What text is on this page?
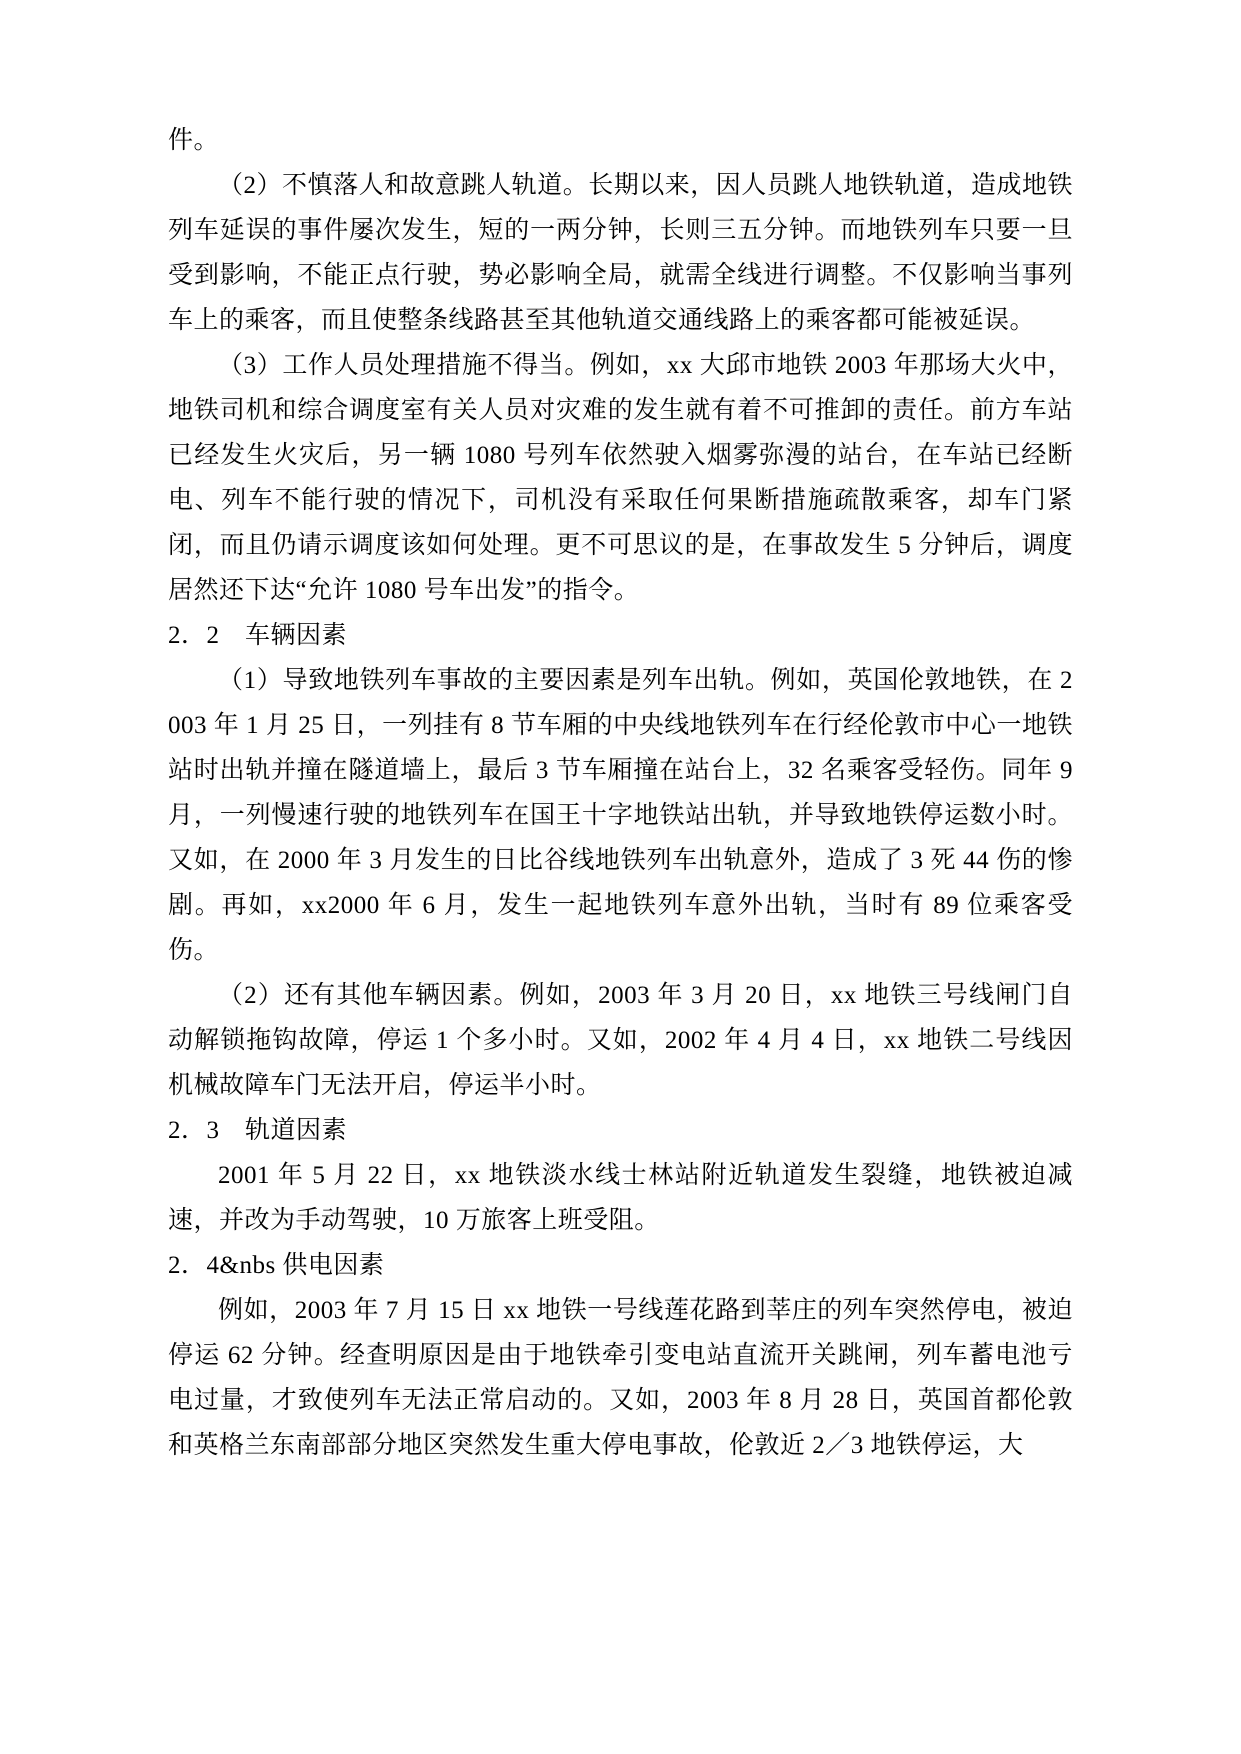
件。

（2）不慎落人和故意跳人轨道。长期以来，因人员跳人地铁轨道，造成地铁列车延误的事件屡次发生，短的一两分钟，长则三五分钟。而地铁列车只要一旦受到影响，不能正点行驶，势必影响全局，就需全线进行调整。不仅影响当事列车上的乘客，而且使整条线路甚至其他轨道交通线路上的乘客都可能被延误。

（3）工作人员处理措施不得当。例如，xx 大邱市地铁 2003 年那场大火中，地铁司机和综合调度室有关人员对灾难的发生就有着不可推卸的责任。前方车站已经发生火灾后，另一辆 1080 号列车依然驶入烟雾弥漫的站台，在车站已经断电、列车不能行驶的情况下，司机没有采取任何果断措施疏散乘客，却车门紧闭，而且仍请示调度该如何处理。更不可思议的是，在事故发生 5 分钟后，调度居然还下达“允许 1080 号车出发”的指令。

2．2　车辆因素

（1）导致地铁列车事故的主要因素是列车出轨。例如，英国伦敦地铁，在 2003 年 1 月 25 日，一列挂有 8 节车厢的中央线地铁列车在行经伦敦市中心一地铁站时出轨并撞在隧道墙上，最后 3 节车厢撞在站台上，32 名乘客受轻伤。同年 9 月，一列慢速行驶的地铁列车在国王十字地铁站出轨，并导致地铁停运数小时。又如，在 2000 年 3 月发生的日比谷线地铁列车出轨意外，造成了 3 死 44 伤的惨剧。再如，xx2000 年 6 月，发生一起地铁列车意外出轨，当时有 89 位乘客受伤。

（2）还有其他车辆因素。例如，2003 年 3 月 20 日，xx 地铁三号线闸门自动解锁拖钩故障，停运 1 个多小时。又如，2002 年 4 月 4 日，xx 地铁二号线因机械故障车门无法开启，停运半小时。

2．3　轨道因素

2001 年 5 月 22 日，xx 地铁淡水线士林站附近轨道发生裂缝，地铁被迫减速，并改为手动驾驶，10 万旅客上班受阻。

2．4&nbs 供电因素

例如，2003 年 7 月 15 日 xx 地铁一号线莲花路到莘庄的列车突然停电，被迫停运 62 分钟。经查明原因是由于地铁牵引变电站直流开关跳闸，列车蓄电池亏电过量，才致使列车无法正常启动的。又如，2003 年 8 月 28 日，英国首都伦敦和英格兰东南部部分地区突然发生重大停电事故，伦敦近 2／3 地铁停运，大
